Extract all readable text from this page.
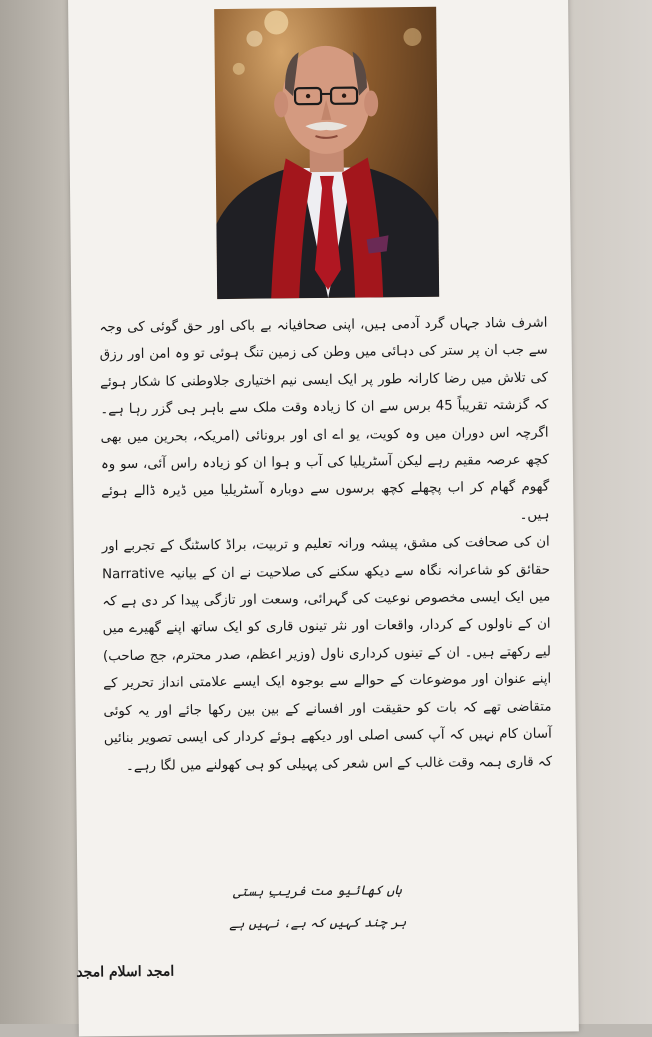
اشرف شاد جہاں گرد آدمی ہیں، اپنی صحافیانہ بے باکی اور حق گوئی کی وجہ سے جب ان پر ستر کی دہائی میں وطن کی زمین تنگ ہوئی تو وہ امن اور رزق کی تلاش میں رضا کارانہ طور پر ایک ایسی نیم اختیاری جلاوطنی کا شکار ہوئے کہ گزشتہ تقریباً 45 برس سے ان کا زیادہ وقت ملک سے باہر ہی گزر رہا ہے۔ اگرچہ اس دوران میں وہ کویت، یو اے ای اور برونائی (امریکہ، بحرین میں بھی کچھ عرصہ مقیم رہے لیکن آسٹریلیا کی آب و ہوا ان کو زیادہ راس آئی، سو وہ گھوم گھام کر اب پچھلے کچھ برسوں سے دوبارہ آسٹریلیا میں ڈیرہ ڈالے ہوئے ہیں۔

ان کی صحافت کی مشق، پیشہ ورانہ تعلیم و تربیت، براڈ کاسٹنگ کے تجربے اور حقائق کو شاعرانہ نگاہ سے دیکھ سکنے کی صلاحیت نے ان کے بیانیہ Narrative میں ایک ایسی مخصوص نوعیت کی گہرائی، وسعت اور تازگی پیدا کر دی ہے کہ ان کے ناولوں کے کردار، واقعات اور نثر تینوں قاری کو ایک ساتھ اپنے گھیرے میں لیے رکھتے ہیں۔ ان کے تینوں کرداری ناول (وزیر اعظم، صدر محترم، جج صاحب) اپنے عنوان اور موضوعات کے حوالے سے بوجوہ ایک ایسے علامتی انداز تحریر کے متقاضی تھے کہ بات کو حقیقت اور افسانے کے بین بین رکھا جائے اور یہ کوئی آسان کام نہیں کہ آپ کسی اصلی اور دیکھے ہوئے کردار کی ایسی تصویر بنائیں کہ قاری ہمہ وقت غالب کے اس شعر کی پہیلی کو ہی کھولنے میں لگا رہے۔

ہاں کھائیو مت فریبِ ہستی
ہر چند کہیں کہ ہے، نہیں ہے
امجد اسلام امجد
